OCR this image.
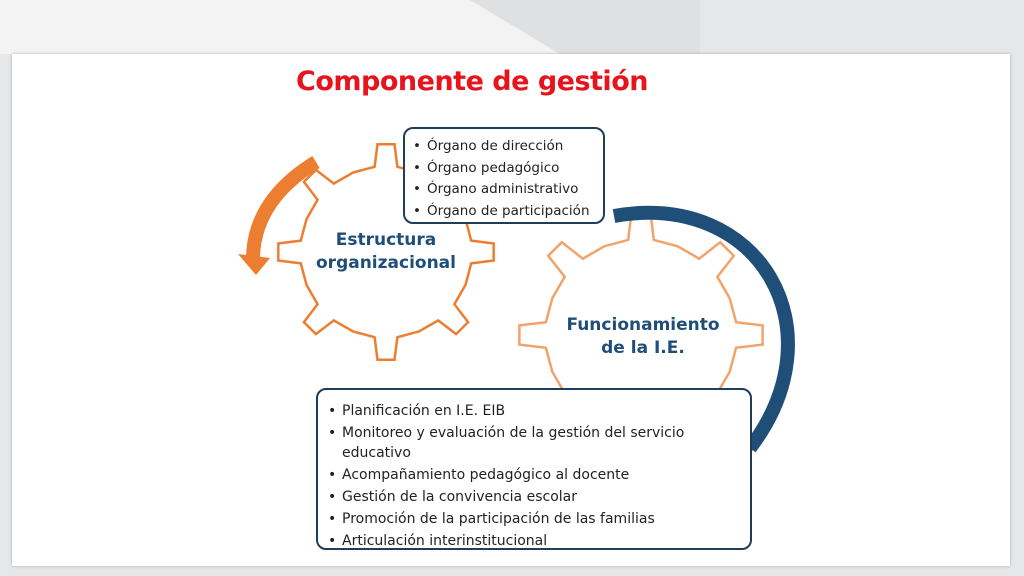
Componente de gestión
Estructura
organizacional
Funcionamiento
de la I.E.
• Órgano de dirección
• Órgano pedagógico
• Órgano administrativo
• Órgano de participación
• Planificación en I.E. EIB
• Monitoreo y evaluación de la gestión del servicio educativo
• Acompañamiento pedagógico al docente
• Gestión de la convivencia escolar
• Promoción de la participación de las familias
• Articulación interinstitucional
